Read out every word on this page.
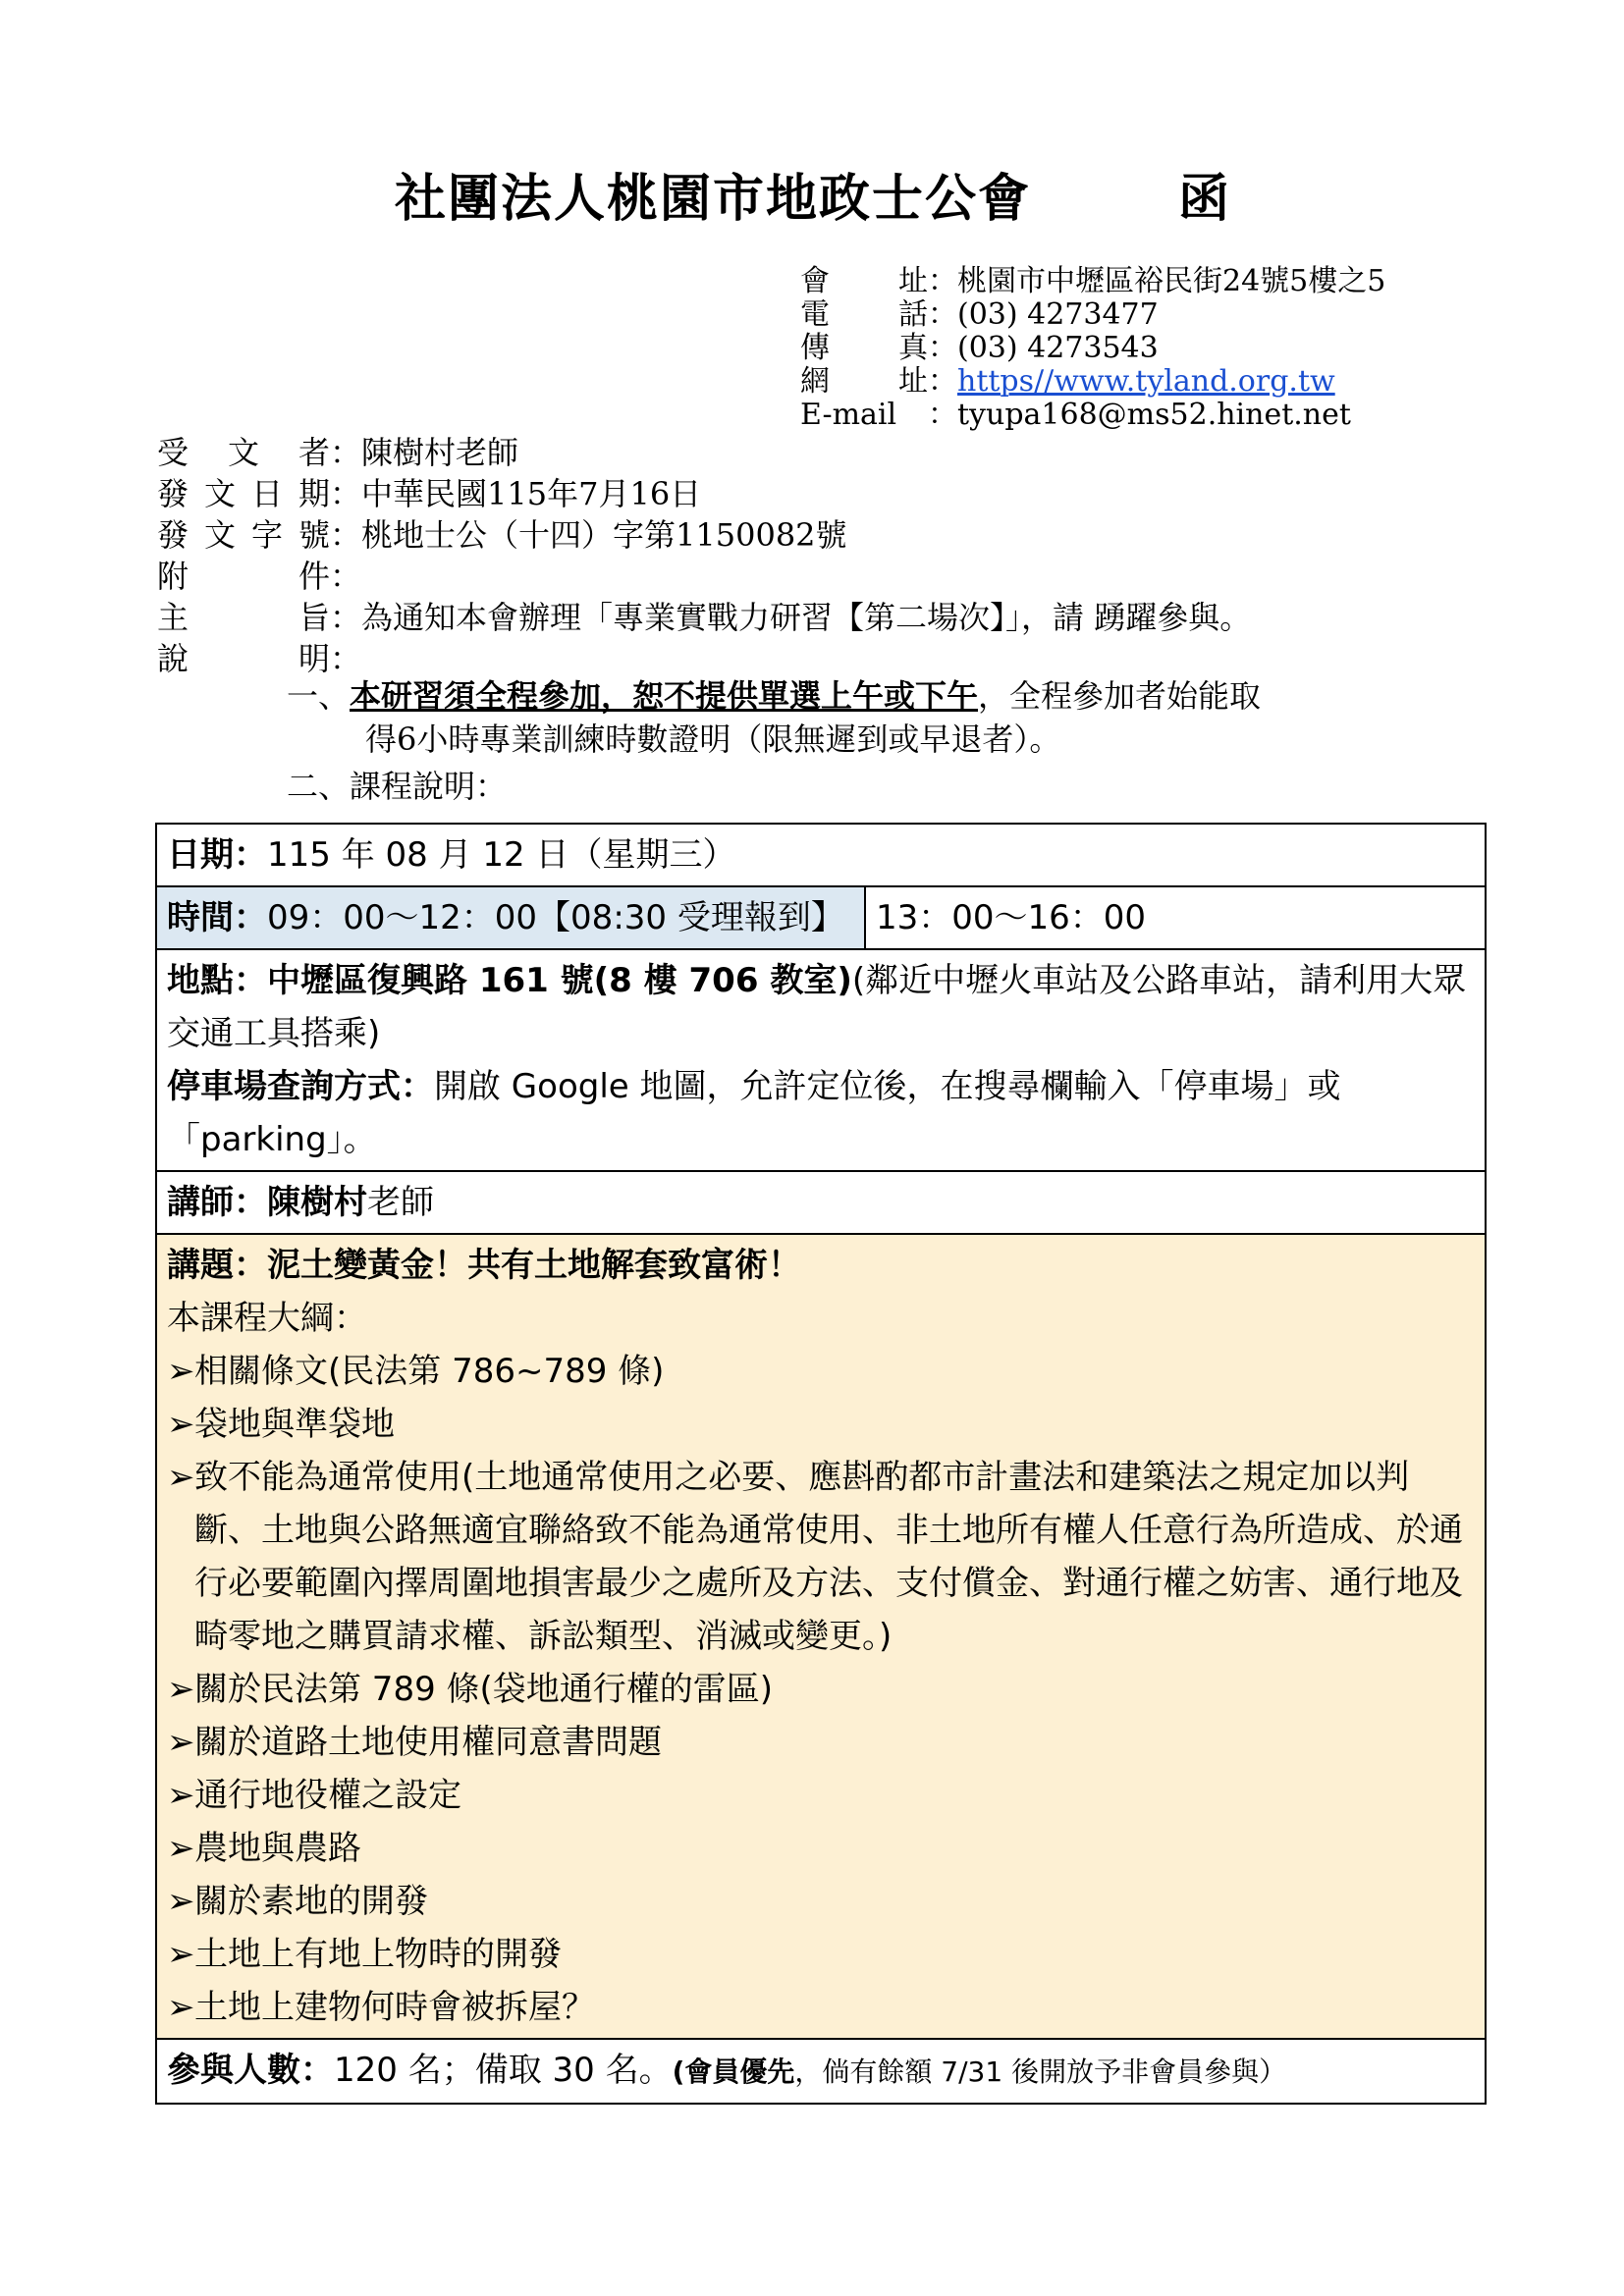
社團法人桃園市地政士公會	函
會址：桃園市中壢區裕民街24號5樓之5
電話：(03) 4273477
傳真：(03) 4273543
網址：https//www.tyland.org.tw
E-mail ：tyupa168@ms52.hinet.net
受文者：陳樹村老師
發文日期：中華民國115年7月16日
發文字號：桃地士公（十四）字第1150082號
附件：
主旨：為通知本會辦理「專業實戰力研習【第二場次】」，請 踴躍參與。
說明：
一、本研習須全程參加，恕不提供單選上午或下午，全程參加者始能取
得6小時專業訓練時數證明（限無遲到或早退者）。
二、課程說明：
日期：115 年 08 月 12 日（星期三）
時間：09：00～12：00【08:30 受理報到】	13：00～16：00

地點：中壢區復興路 161 號(8 樓 706 教室)(鄰近中壢火車站及公路車站，請利用大眾交通工具搭乘)
停車場查詢方式：開啟 Google 地圖，允許定位後，在搜尋欄輸入「停車場」或「parking」。

講師：陳樹村老師

講題：泥土變黃金！共有土地解套致富術！
本課程大綱：
➢ 相關條文(民法第 786~789 條)
➢ 袋地與準袋地
➢ 致不能為通常使用(土地通常使用之必要、應斟酌都市計畫法和建築法之規定加以判斷、土地與公路無適宜聯絡致不能為通常使用、非土地所有權人任意行為所造成、於通行必要範圍內擇周圍地損害最少之處所及方法、支付償金、對通行權之妨害、通行地及畸零地之購買請求權、訴訟類型、消滅或變更。)
➢ 關於民法第 789 條(袋地通行權的雷區)
➢ 關於道路土地使用權同意書問題
➢ 通行地役權之設定
➢ 農地與農路
➢ 關於素地的開發
➢ 土地上有地上物時的開發
➢ 土地上建物何時會被拆屋？

參與人數：120 名；備取 30 名。(會員優先，倘有餘額 7/31 後開放予非會員參與）
